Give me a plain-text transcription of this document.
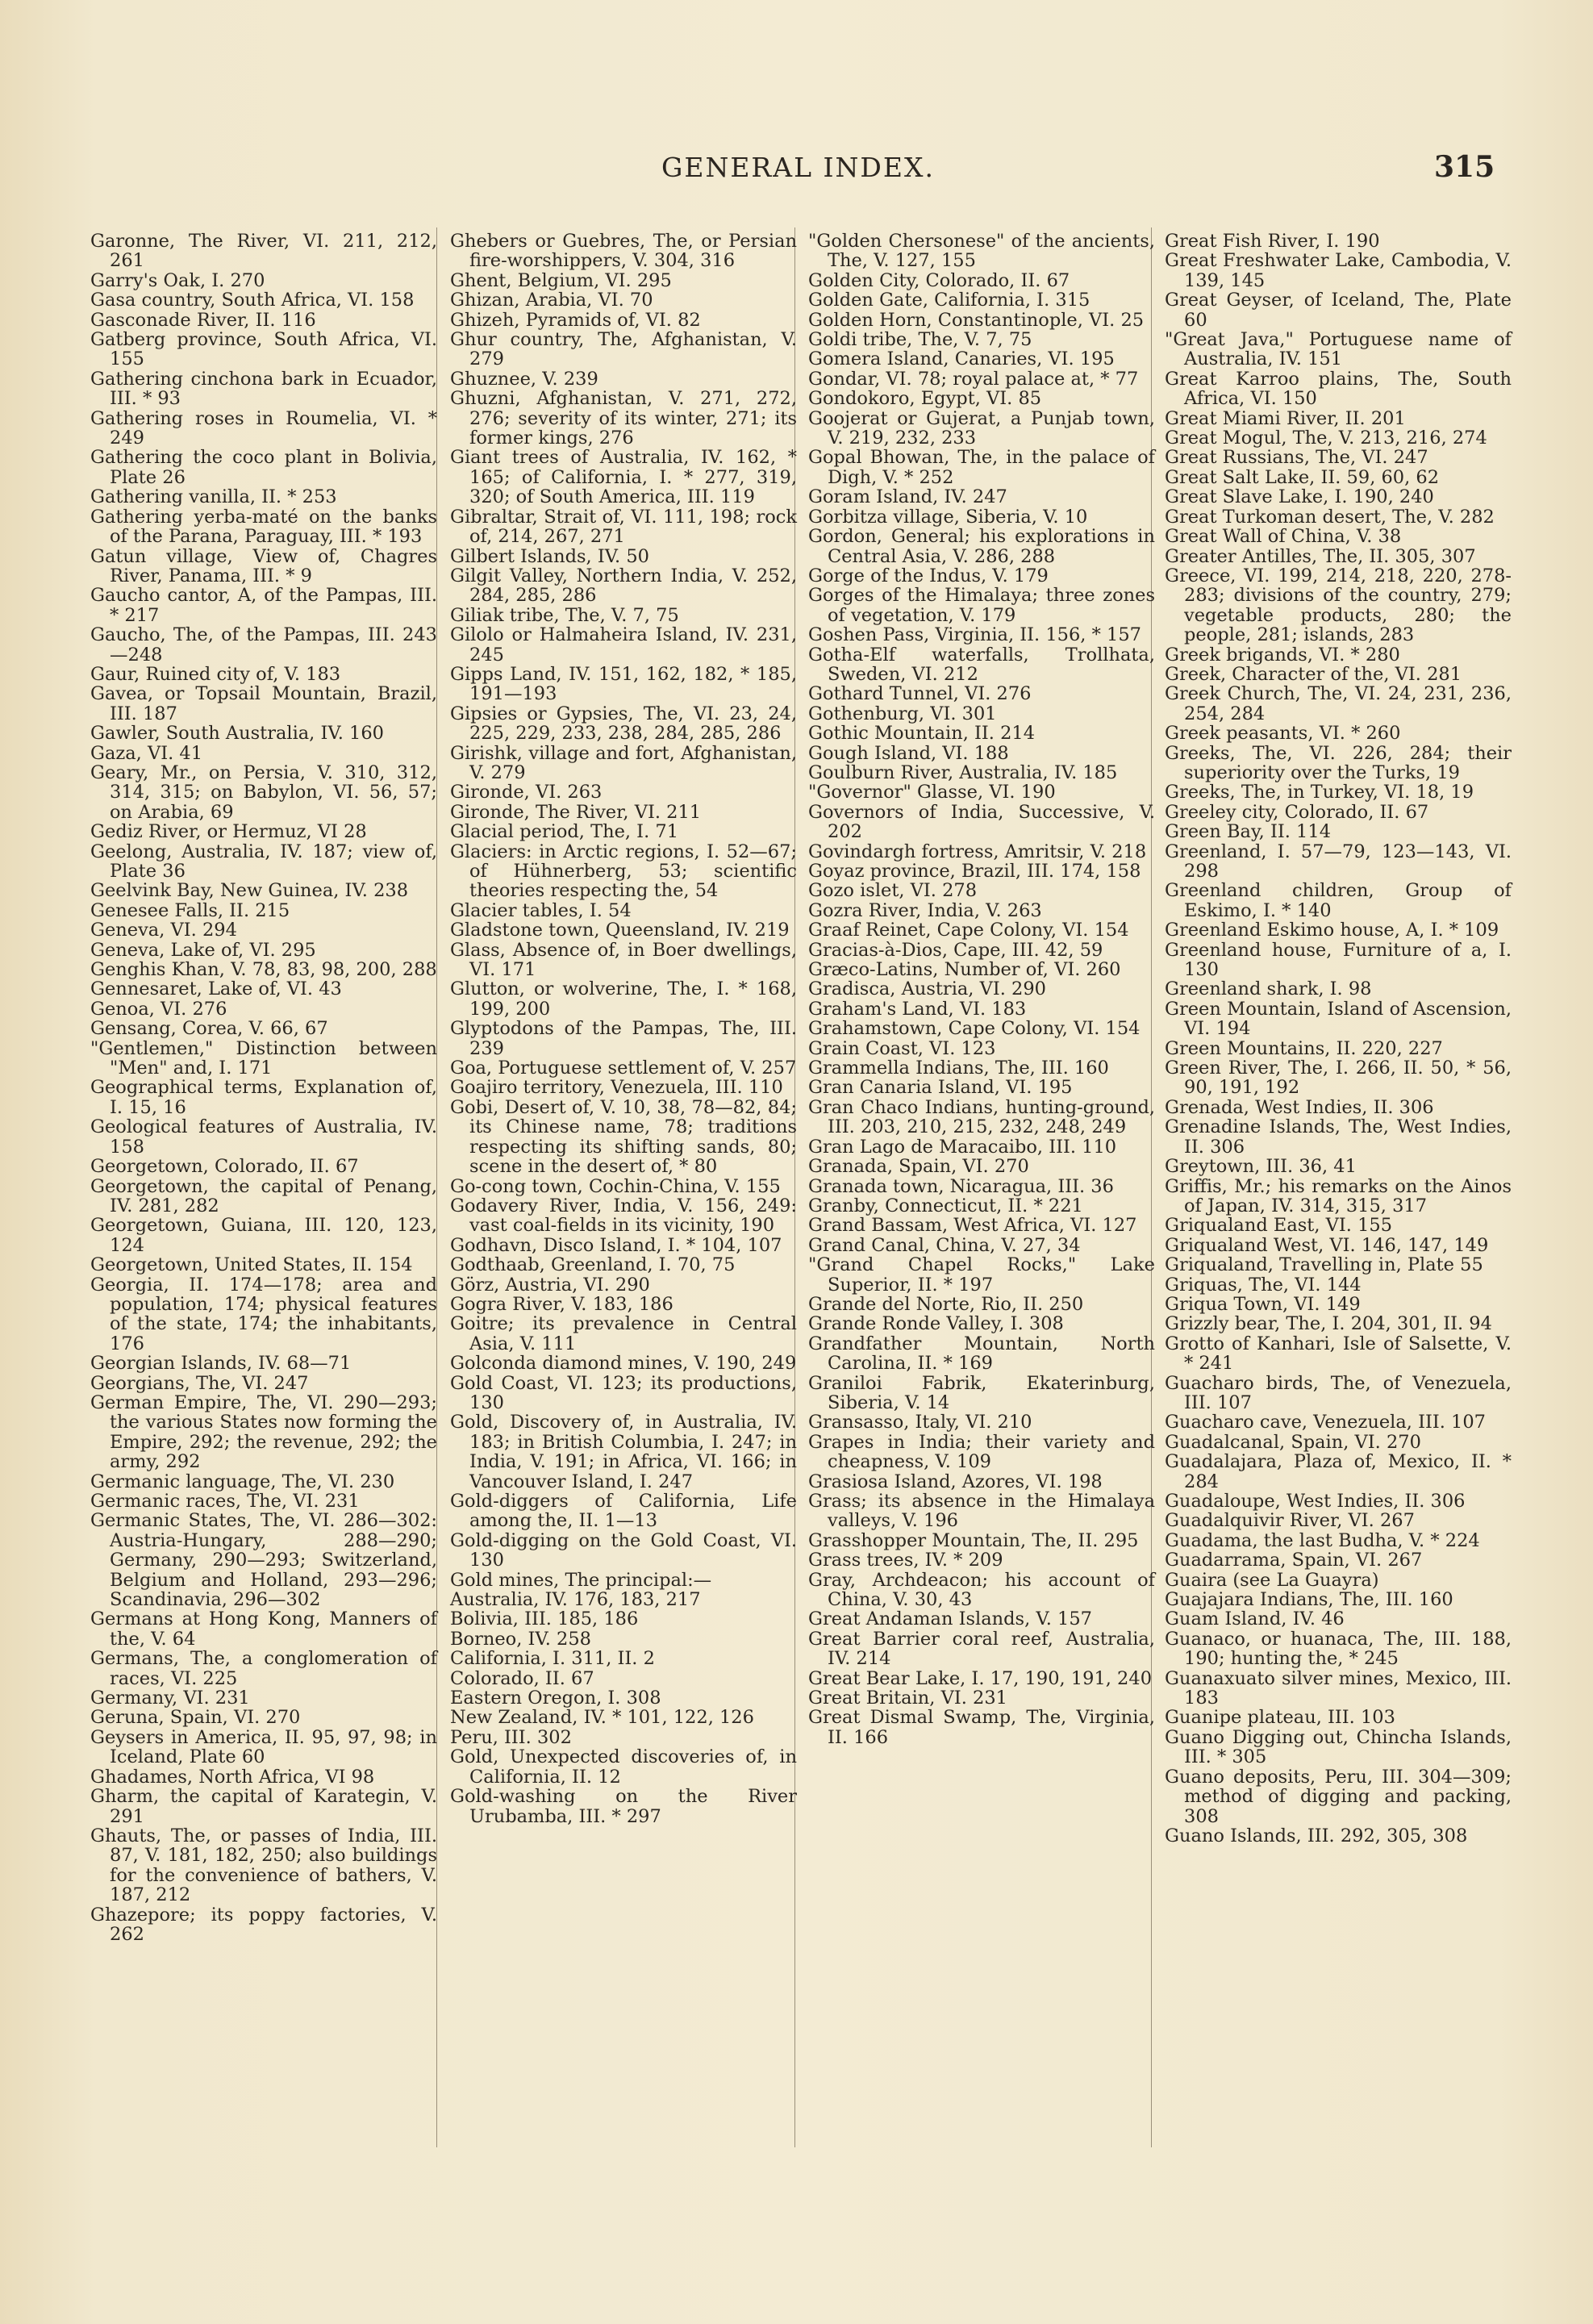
GENERAL INDEX.	315
Garonne, The River, VI. 211, 212, 261
Garry's Oak, I. 270
Gasa country, South Africa, VI. 158
Gasconade River, II. 116
Gatberg province, South Africa, VI. 155
Gathering cinchona bark in Ecuador, III. * 93
Gathering roses in Roumelia, VI. * 249
Gathering the coco plant in Bolivia, Plate 26
Gathering vanilla, II. * 253
Gathering yerba-maté on the banks of the Parana, Paraguay, III. * 193
Gatun village, View of, Chagres River, Panama, III. * 9
Gaucho cantor, A, of the Pampas, III. * 217
Gaucho, The, of the Pampas, III. 243—248
Gaur, Ruined city of, V. 183
Gavea, or Topsail Mountain, Brazil, III. 187
Gawler, South Australia, IV. 160
Gaza, VI. 41
Geary, Mr., on Persia, V. 310, 312, 314, 315; on Babylon, VI. 56, 57; on Arabia, 69
Gediz River, or Hermuz, VI 28
Geelong, Australia, IV. 187; view of, Plate 36
Geelvink Bay, New Guinea, IV. 238
Genesee Falls, II. 215
Geneva, VI. 294
Geneva, Lake of, VI. 295
Genghis Khan, V. 78, 83, 98, 200, 288
Gennesaret, Lake of, VI. 43
Genoa, VI. 276
Gensang, Corea, V. 66, 67
"Gentlemen," Distinction between "Men" and, I. 171
Geographical terms, Explanation of, I. 15, 16
Geological features of Australia, IV. 158
Georgetown, Colorado, II. 67
Georgetown, the capital of Penang, IV. 281, 282
Georgetown, Guiana, III. 120, 123, 124
Georgetown, United States, II. 154
Georgia, II. 174—178; area and population, 174; physical features of the state, 174; the inhabitants, 176
Georgian Islands, IV. 68—71
Georgians, The, VI. 247
German Empire, The, VI. 290—293; the various States now forming the Empire, 292; the revenue, 292; the army, 292
Germanic language, The, VI. 230
Germanic races, The, VI. 231
Germanic States, The, VI. 286—302: Austria-Hungary, 288—290; Germany, 290—293; Switzerland, Belgium and Holland, 293—296; Scandinavia, 296—302
Germans at Hong Kong, Manners of the, V. 64
Germans, The, a conglomeration of races, VI. 225
Germany, VI. 231
Geruna, Spain, VI. 270
Geysers in America, II. 95, 97, 98; in Iceland, Plate 60
Ghadames, North Africa, VI 98
Gharm, the capital of Karategin, V. 291
Ghauts, The, or passes of India, III. 87, V. 181, 182, 250; also buildings for the convenience of bathers, V. 187, 212
Ghazepore; its poppy factories, V. 262
Ghebers or Guebres, The, or Persian fire-worshippers, V. 304, 316
Ghent, Belgium, VI. 295
Ghizan, Arabia, VI. 70
Ghizeh, Pyramids of, VI. 82
Ghur country, The, Afghanistan, V. 279
Ghuznee, V. 239
Ghuzni, Afghanistan, V. 271, 272, 276; severity of its winter, 271; its former kings, 276
Giant trees of Australia, IV. 162, * 165; of California, I. * 277, 319, 320; of South America, III. 119
Gibraltar, Strait of, VI. 111, 198; rock of, 214, 267, 271
Gilbert Islands, IV. 50
Gilgit Valley, Northern India, V. 252, 284, 285, 286
Giliak tribe, The, V. 7, 75
Gilolo or Halmaheira Island, IV. 231, 245
Gipps Land, IV. 151, 162, 182, * 185, 191—193
Gipsies or Gypsies, The, VI. 23, 24, 225, 229, 233, 238, 284, 285, 286
Girishk, village and fort, Afghanistan, V. 279
Gironde, VI. 263
Gironde, The River, VI. 211
Glacial period, The, I. 71
Glaciers: in Arctic regions, I. 52—67; of Hühnerberg, 53; scientific theories respecting the, 54
Glacier tables, I. 54
Gladstone town, Queensland, IV. 219
Glass, Absence of, in Boer dwellings, VI. 171
Glutton, or wolverine, The, I. * 168, 199, 200
Glyptodons of the Pampas, The, III. 239
Goa, Portuguese settlement of, V. 257
Goajiro territory, Venezuela, III. 110
Gobi, Desert of, V. 10, 38, 78—82, 84; its Chinese name, 78; traditions respecting its shifting sands, 80; scene in the desert of, * 80
Go-cong town, Cochin-China, V. 155
Godavery River, India, V. 156, 249: vast coal-fields in its vicinity, 190
Godhavn, Disco Island, I. * 104, 107
Godthaab, Greenland, I. 70, 75
Görz, Austria, VI. 290
Gogra River, V. 183, 186
Goitre; its prevalence in Central Asia, V. 111
Golconda diamond mines, V. 190, 249
Gold Coast, VI. 123; its productions, 130
Gold, Discovery of, in Australia, IV. 183; in British Columbia, I. 247; in India, V. 191; in Africa, VI. 166; in Vancouver Island, I. 247
Gold-diggers of California, Life among the, II. 1—13
Gold-digging on the Gold Coast, VI. 130
Gold mines, The principal:—
Australia, IV. 176, 183, 217
Bolivia, III. 185, 186
Borneo, IV. 258
California, I. 311, II. 2
Colorado, II. 67
Eastern Oregon, I. 308
New Zealand, IV. * 101, 122, 126
Peru, III. 302
Gold, Unexpected discoveries of, in California, II. 12
Gold-washing on the River Urubamba, III. * 297
"Golden Chersonese" of the ancients, The, V. 127, 155
Golden City, Colorado, II. 67
Golden Gate, California, I. 315
Golden Horn, Constantinople, VI. 25
Goldi tribe, The, V. 7, 75
Gomera Island, Canaries, VI. 195
Gondar, VI. 78; royal palace at, * 77
Gondokoro, Egypt, VI. 85
Goojerat or Gujerat, a Punjab town, V. 219, 232, 233
Gopal Bhowan, The, in the palace of Digh, V. * 252
Goram Island, IV. 247
Gorbitza village, Siberia, V. 10
Gordon, General; his explorations in Central Asia, V. 286, 288
Gorge of the Indus, V. 179
Gorges of the Himalaya; three zones of vegetation, V. 179
Goshen Pass, Virginia, II. 156, * 157
Gotha-Elf waterfalls, Trollhata, Sweden, VI. 212
Gothard Tunnel, VI. 276
Gothenburg, VI. 301
Gothic Mountain, II. 214
Gough Island, VI. 188
Goulburn River, Australia, IV. 185
"Governor" Glasse, VI. 190
Governors of India, Successive, V. 202
Govindargh fortress, Amritsir, V. 218
Goyaz province, Brazil, III. 174, 158
Gozo islet, VI. 278
Gozra River, India, V. 263
Graaf Reinet, Cape Colony, VI. 154
Gracias-à-Dios, Cape, III. 42, 59
Græco-Latins, Number of, VI. 260
Gradisca, Austria, VI. 290
Graham's Land, VI. 183
Grahamstown, Cape Colony, VI. 154
Grain Coast, VI. 123
Grammella Indians, The, III. 160
Gran Canaria Island, VI. 195
Gran Chaco Indians, hunting-ground, III. 203, 210, 215, 232, 248, 249
Gran Lago de Maracaibo, III. 110
Granada, Spain, VI. 270
Granada town, Nicaragua, III. 36
Granby, Connecticut, II. * 221
Grand Bassam, West Africa, VI. 127
Grand Canal, China, V. 27, 34
"Grand Chapel Rocks," Lake Superior, II. * 197
Grande del Norte, Rio, II. 250
Grande Ronde Valley, I. 308
Grandfather Mountain, North Carolina, II. * 169
Graniloi Fabrik, Ekaterinburg, Siberia, V. 14
Gransasso, Italy, VI. 210
Grapes in India; their variety and cheapness, V. 109
Grasiosa Island, Azores, VI. 198
Grass; its absence in the Himalaya valleys, V. 196
Grasshopper Mountain, The, II. 295
Grass trees, IV. * 209
Gray, Archdeacon; his account of China, V. 30, 43
Great Andaman Islands, V. 157
Great Barrier coral reef, Australia, IV. 214
Great Bear Lake, I. 17, 190, 191, 240
Great Britain, VI. 231
Great Dismal Swamp, The, Virginia, II. 166
Great Fish River, I. 190
Great Freshwater Lake, Cambodia, V. 139, 145
Great Geyser, of Iceland, The, Plate 60
"Great Java," Portuguese name of Australia, IV. 151
Great Karroo plains, The, South Africa, VI. 150
Great Miami River, II. 201
Great Mogul, The, V. 213, 216, 274
Great Russians, The, VI. 247
Great Salt Lake, II. 59, 60, 62
Great Slave Lake, I. 190, 240
Great Turkoman desert, The, V. 282
Great Wall of China, V. 38
Greater Antilles, The, II. 305, 307
Greece, VI. 199, 214, 218, 220, 278-283; divisions of the country, 279; vegetable products, 280; the people, 281; islands, 283
Greek brigands, VI. * 280
Greek, Character of the, VI. 281
Greek Church, The, VI. 24, 231, 236, 254, 284
Greek peasants, VI. * 260
Greeks, The, VI. 226, 284; their superiority over the Turks, 19
Greeks, The, in Turkey, VI. 18, 19
Greeley city, Colorado, II. 67
Green Bay, II. 114
Greenland, I. 57—79, 123—143, VI. 298
Greenland children, Group of Eskimo, I. * 140
Greenland Eskimo house, A, I. * 109
Greenland house, Furniture of a, I. 130
Greenland shark, I. 98
Green Mountain, Island of Ascension, VI. 194
Green Mountains, II. 220, 227
Green River, The, I. 266, II. 50, * 56, 90, 191, 192
Grenada, West Indies, II. 306
Grenadine Islands, The, West Indies, II. 306
Greytown, III. 36, 41
Griffis, Mr.; his remarks on the Ainos of Japan, IV. 314, 315, 317
Griqualand East, VI. 155
Griqualand West, VI. 146, 147, 149
Griqualand, Travelling in, Plate 55
Griquas, The, VI. 144
Griqua Town, VI. 149
Grizzly bear, The, I. 204, 301, II. 94
Grotto of Kanhari, Isle of Salsette, V. * 241
Guacharo birds, The, of Venezuela, III. 107
Guacharo cave, Venezuela, III. 107
Guadalcanal, Spain, VI. 270
Guadalajara, Plaza of, Mexico, II. * 284
Guadaloupe, West Indies, II. 306
Guadalquivir River, VI. 267
Guadama, the last Budha, V. * 224
Guadarrama, Spain, VI. 267
Guaira (see La Guayra)
Guajajara Indians, The, III. 160
Guam Island, IV. 46
Guanaco, or huanaca, The, III. 188, 190; hunting the, * 245
Guanaxuato silver mines, Mexico, III. 183
Guanipe plateau, III. 103
Guano Digging out, Chincha Islands, III. * 305
Guano deposits, Peru, III. 304—309; method of digging and packing, 308
Guano Islands, III. 292, 305, 308
